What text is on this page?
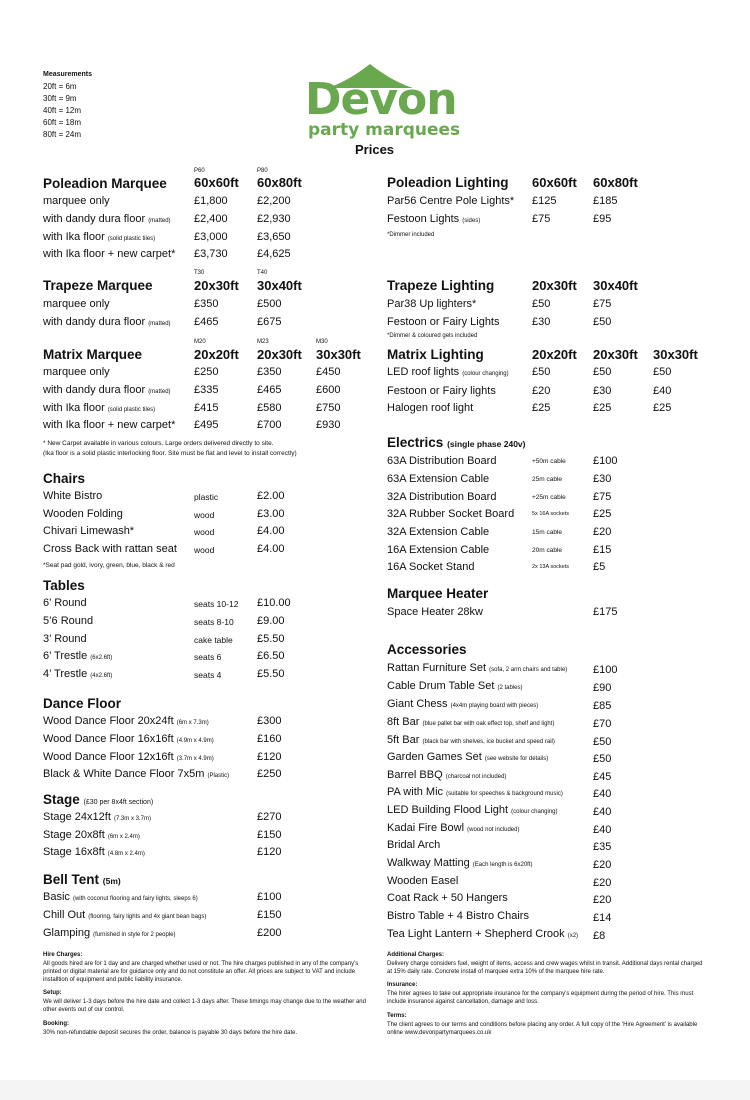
Measurements
20ft = 6m
30ft = 9m
40ft = 12m
60ft = 18m
80ft = 24m
Devon
party marquees
Prices
P60	P80
Poleadion Marquee 60x60ft 60x80ft
marquee only	£1,800	£2,200
with dandy dura floor (matted) £2,400	£2,930
with Ika floor (solid plastic tiles)	£3,000	£3,650
with Ika floor + new carpet* £3,730	£4,625
T30	T40
Trapeze Marquee	20x30ft 30x40ft
marquee only	£350	£500
with dandy dura floor (matted) £465	£675
M20	M23	M30
Matrix Marquee	20x20ft 20x30ft 30x30ft
marquee only	£250	£350	£450
with dandy dura floor (matted) £335	£465	£600
with Ika floor (solid plastic tiles)	£415	£580	£750
with Ika floor + new carpet* £495	£700	£930
* New Carpet available in various colours. Large orders delivered directly to site.
(Ika floor is a solid plastic interlocking floor. Site must be flat and level to install correctly)
Chairs
White Bistro	plastic	£2.00
Wooden Folding	wood	£3.00
Chivari Limewash*	wood	£4.00
Cross Back with rattan seat wood	£4.00
*Seat pad gold, ivory, green, blue, black & red
Tables
6’ Round	seats 10-12 £10.00
5’6 Round	seats 8-10 £9.00
3’ Round	cake table £5.50
6’ Trestle (6x2.6ft)	seats 6	£6.50
4’ Trestle (4x2.6ft)	seats 4	£5.50
Dance Floor
Wood Dance Floor 20x24ft (6m x 7.3m)	£300
Wood Dance Floor 16x16ft (4.9m x 4.9m)	£160
Wood Dance Floor 12x16ft (3.7m x 4.9m)	£120
Black & White Dance Floor 7x5m (Plastic)	£250
Stage (£30 per 8x4ft section)
Stage 24x12ft (7.3m x 3.7m)	£270
Stage 20x8ft (6m x 2.4m)	£150
Stage 16x8ft (4.8m x 2.4m)	£120
Bell Tent (5m)
Basic (with coconut flooring and fairy lights, sleeps 6)	£100
Chill Out (flooring, fairy lights and 4x giant bean bags)	£150
Glamping (furnished in style for 2 people)	£200
Poleadion Lighting 60x60ft 60x80ft
Par56 Centre Pole Lights* £125	£185
Festoon Lights (sides)	£75	£95
*Dimmer included
Trapeze Lighting	20x30ft 30x40ft
Par38 Up lighters*	£50	£75
Festoon or Fairy Lights	£30	£50
*Dimmer & coloured gels included
Matrix Lighting	20x20ft 20x30ft 30x30ft
LED roof lights (colour changing) £50	£50	£50
Festoon or Fairy lights	£20	£30	£40
Halogen roof light	£25	£25	£25
Electrics (single phase 240v)
63A Distribution Board	+50m cable £100
63A Extension Cable	25m cable	£30
32A Distribution Board	+25m cable £75
32A Rubber Socket Board	5x 16A sockets £25
32A Extension Cable	15m cable	£20
16A Extension Cable	20m cable	£15
16A Socket Stand	2x 13A sockets £5
Marquee Heater
Space Heater 28kw	£175
Accessories
Rattan Furniture Set (sofa, 2 arm chairs and table) £100
Cable Drum Table Set (2 tables)	£90
Giant Chess (4x4m playing board with pieces)	£85
8ft Bar (blue pallet bar with oak effect top, shelf and light)	£70
5ft Bar (black bar with shelves, ice bucket and speed rail)	£50
Garden Games Set (see website for details)	£50
Barrel BBQ (charcoal not included)	£45
PA with Mic (suitable for speeches & background music)	£40
LED Building Flood Light (colour changing)	£40
Kadai Fire Bowl (wood not included)	£40
Bridal Arch	£35
Walkway Matting (Each length is 6x20ft)	£20
Wooden Easel	£20
Coat Rack + 50 Hangers	£20
Bistro Table + 4 Bistro Chairs	£14
Tea Light Lantern + Shepherd Crook (x2) £8
Hire Charges:
All goods hired are for 1 day and are charged whether used or not. The hire charges published in any of the company’s printed or digital material are for guidance only and do not constitute an offer. All prices are subject to VAT and include installtion of equipment and public liability insurance.
Setup:
We will deliver 1-3 days before the hire date and collect 1-3 days after. These timings may change due to the weather and other events out of our control.
Booking:
30% non-refundable deposit secures the order, balance is payable 30 days before the hire date.
Additional Charges:
Delivery charge considers fuel, weight of items, access and crew wages whilst in transit. Additional days rental charged at 15% daily rate. Concrete install of marquee extra 10% of the marquee hire rate.
Insurance:
The hirer agrees to take out appropriate insurance for the company’s equipment during the period of hire. This must include insurance against cancellation, damage and loss.
Terms:
The client agrees to our terms and conditions before placing any order. A full copy of the ‘Hire Agreement’ is available online www.devonpartymarquees.co.uk
